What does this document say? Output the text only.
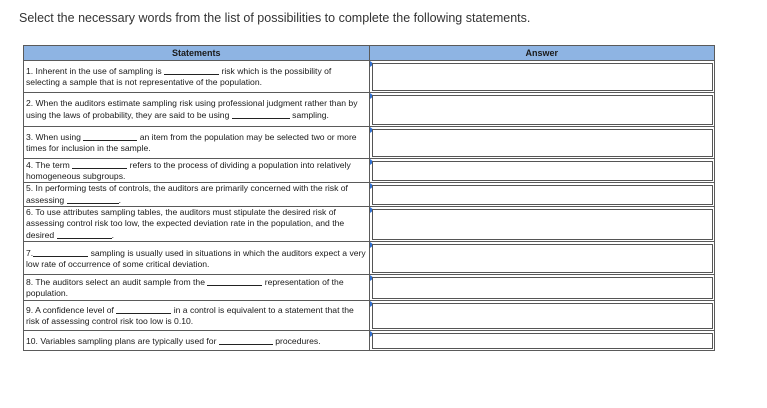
Select the necessary words from the list of possibilities to complete the following statements.
Statements	Answer
1. Inherent in the use of sampling is risk which is the possibility of selecting a sample that is not representative of the population.	

2. When the auditors estimate sampling risk using professional judgment rather than by using the laws of probability, they are said to be using sampling.	

3. When using an item from the population may be selected two or more times for inclusion in the sample.	

4. The term refers to the process of dividing a population into relatively homogeneous subgroups.	

5. In performing tests of controls, the auditors are primarily concerned with the risk of assessing .	

6. To use attributes sampling tables, the auditors must stipulate the desired risk of assessing control risk too low, the expected deviation rate in the population, and the desired .	

7. sampling is usually used in situations in which the auditors expect a very low rate of occurrence of some critical deviation.	

8. The auditors select an audit sample from the representation of the population.	

9. A confidence level of in a control is equivalent to a statement that the risk of assessing control risk too low is 0.10.	

10. Variables sampling plans are typically used for procedures.	
